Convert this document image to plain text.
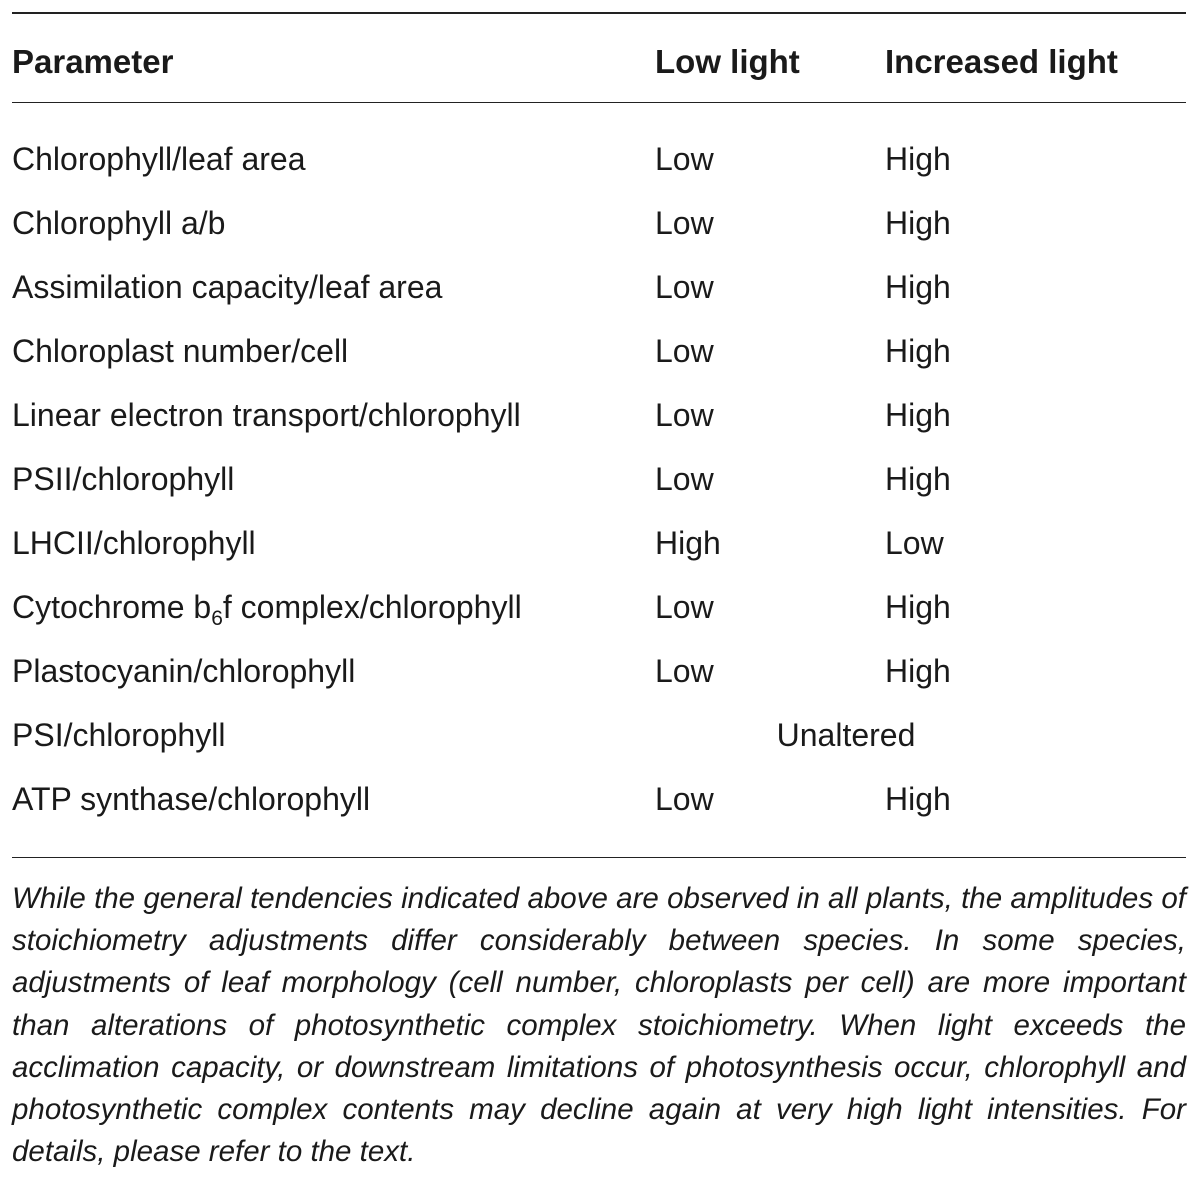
Parameter	Low light	Increased light
Chlorophyll/leaf area	Low	High
Chlorophyll a/b	Low	High
Assimilation capacity/leaf area	Low	High
Chloroplast number/cell	Low	High
Linear electron transport/chlorophyll	Low	High
PSII/chlorophyll	Low	High
LHCII/chlorophyll	High	Low
Cytochrome $b_6f$ complex/chlorophyll	Low	High
Plastocyanin/chlorophyll	Low	High
PSI/chlorophyll	Unaltered
ATP synthase/chlorophyll	Low	High

While the general tendencies indicated above are observed in all plants, the amplitudes of stoichiometry adjustments differ considerably between species. In some species, adjustments of leaf morphology (cell number, chloroplasts per cell) are more important than alterations of photosynthetic complex stoichiometry. When light exceeds the acclimation capacity, or downstream limitations of photosynthesis occur, chlorophyll and photosynthetic complex contents may decline again at very high light intensities. For details, please refer to the text.
